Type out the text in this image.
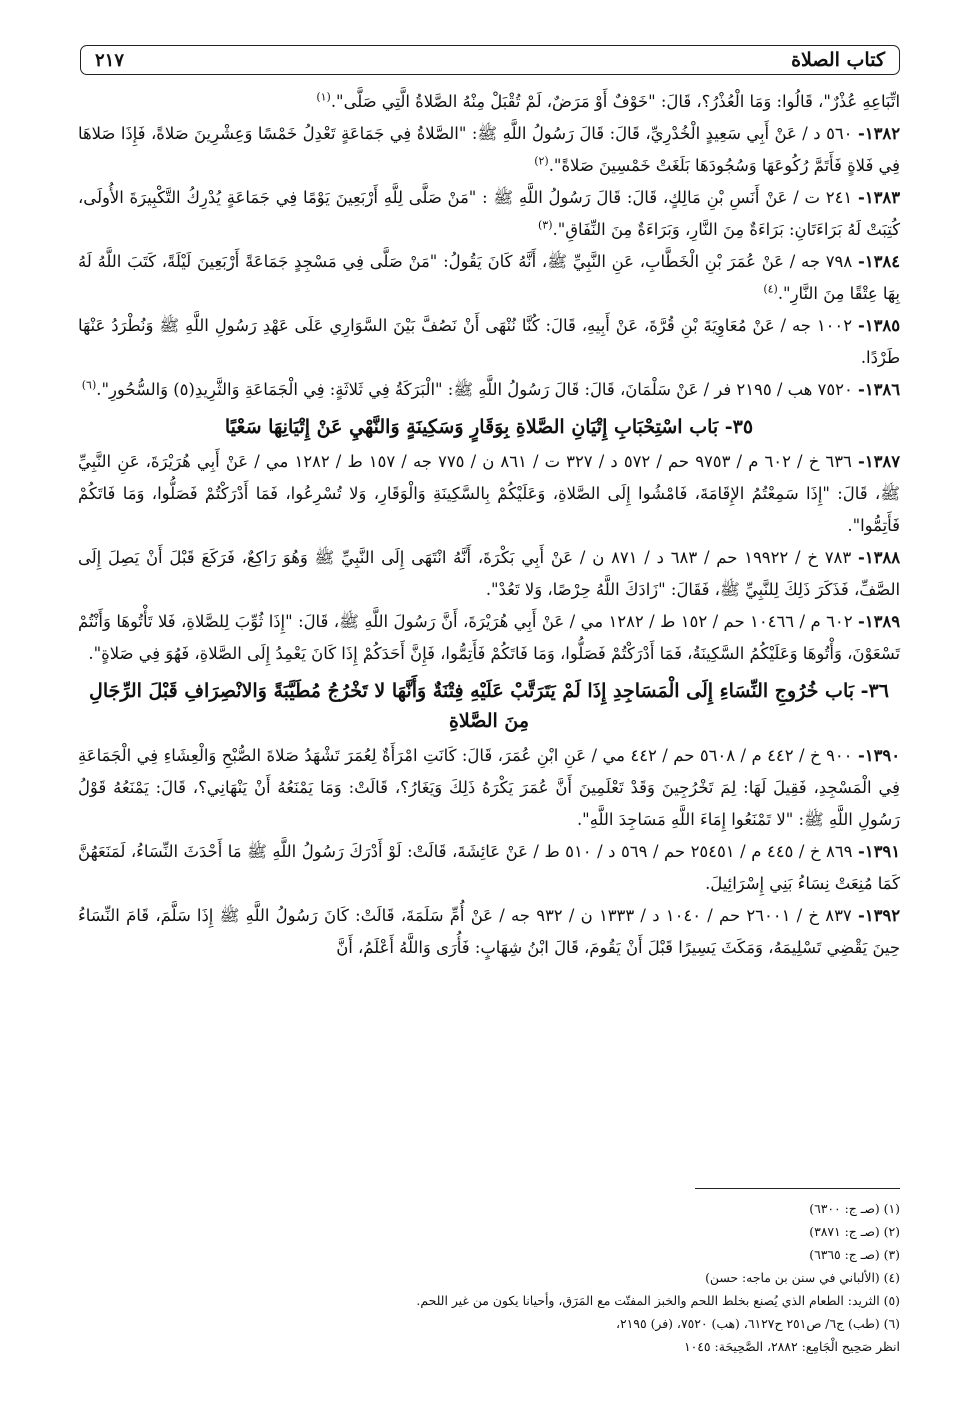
كتاب الصلاة
٢١٧

اتِّبَاعِهِ عُذْرٌ"، قَالُوا: وَمَا الْعُذْرُ؟، قَالَ: "خَوْفٌ أَوْ مَرَضٌ، لَمْ تُقْبَلْ مِنْهُ الصَّلاةُ الَّتِي صَلَّى".$^{(١)}$

١٣٨٢- ٥٦٠ د / عَنْ أَبِي سَعِيدٍ الْخُدْرِيِّ، قَالَ: قَالَ رَسُولُ اللَّهِ ﷺ: "الصَّلاةُ فِي جَمَاعَةٍ تَعْدِلُ خَمْسًا وَعِشْرِينَ صَلاةً، فَإِذَا صَلاهَا فِي فَلاةٍ فَأَتَمَّ رُكُوعَهَا وَسُجُودَهَا بَلَغَتْ خَمْسِينَ صَلاةً".$^{(٢)}$

١٣٨٣- ٢٤١ ت / عَنْ أَنَسِ بْنِ مَالِكٍ، قَالَ: قَالَ رَسُولُ اللَّهِ ﷺ : "مَنْ صَلَّى لِلَّهِ أَرْبَعِينَ يَوْمًا فِي جَمَاعَةٍ يُدْرِكُ التَّكْبِيرَةَ الأُولَى، كُتِبَتْ لَهُ بَرَاءَتَانِ: بَرَاءَةٌ مِنَ النَّارِ، وَبَرَاءَةٌ مِنَ النِّفَاقِ".$^{(٣)}$

١٣٨٤- ٧٩٨ جه / عَنْ عُمَرَ بْنِ الْخَطَّابِ، عَنِ النَّبِيِّ ﷺ، أَنَّهُ كَانَ يَقُولُ: "مَنْ صَلَّى فِي مَسْجِدٍ جَمَاعَةً أَرْبَعِينَ لَيْلَةً، كَتَبَ اللَّهُ لَهُ بِهَا عِتْقًا مِنَ النَّارِ".$^{(٤)}$

١٣٨٥- ١٠٠٢ جه / عَنْ مُعَاوِيَةَ بْنِ قُرَّةَ، عَنْ أَبِيهِ، قَالَ: كُنَّا نُنْهَى أَنْ نَصُفَّ بَيْنَ السَّوَارِي عَلَى عَهْدِ رَسُولِ اللَّهِ ﷺ وَنُطْرَدُ عَنْهَا طَرْدًا.

١٣٨٦- ٧٥٢٠ هب / ٢١٩٥ فر / عَنْ سَلْمَانَ، قَالَ: قَالَ رَسُولُ اللَّهِ ﷺ: "الْبَرَكَةُ فِي ثَلاثَةٍ: فِي الْجَمَاعَةِ وَالثَّرِيدِ(٥) وَالسُّحُورِ".$^{(٦)}$

٣٥- بَاب اسْتِحْبَابِ إِتْيَانِ الصَّلاةِ بِوَقَارٍ وَسَكِينَةٍ وَالنَّهْيِ عَنْ إِتْيَانِهَا سَعْيًا

١٣٨٧- ٦٣٦ خ / ٦٠٢ م / ٩٧٥٣ حم / ٥٧٢ د / ٣٢٧ ت / ٨٦١ ن / ٧٧٥ جه / ١٥٧ ط / ١٢٨٢ مي / عَنْ أَبِي هُرَيْرَةَ، عَنِ النَّبِيِّ ﷺ، قَالَ: "إِذَا سَمِعْتُمُ الإِقَامَةَ، فَامْشُوا إِلَى الصَّلاةِ، وَعَلَيْكُمْ بِالسَّكِينَةِ وَالْوَقَارِ، وَلا تُسْرِعُوا، فَمَا أَدْرَكْتُمْ فَصَلُّوا، وَمَا فَاتَكُمْ فَأَتِمُّوا".

١٣٨٨- ٧٨٣ خ / ١٩٩٢٢ حم / ٦٨٣ د / ٨٧١ ن / عَنْ أَبِي بَكْرَةَ، أَنَّهُ انْتَهَى إِلَى النَّبِيِّ ﷺ وَهُوَ رَاكِعٌ، فَرَكَعَ قَبْلَ أَنْ يَصِلَ إِلَى الصَّفِّ، فَذَكَرَ ذَلِكَ لِلنَّبِيِّ ﷺ، فَقَالَ: "زَادَكَ اللَّهُ حِرْصًا، وَلا تَعُدْ".

١٣٨٩- ٦٠٢ م / ١٠٤٦٦ حم / ١٥٢ ط / ١٢٨٢ مي / عَنْ أَبِي هُرَيْرَةَ، أَنَّ رَسُولَ اللَّهِ ﷺ، قَالَ: "إِذَا ثُوِّبَ لِلصَّلاةِ، فَلا تَأْتُوهَا وَأَنْتُمْ تَسْعَوْنَ، وَأْتُوهَا وَعَلَيْكُمُ السَّكِينَةُ، فَمَا أَدْرَكْتُمْ فَصَلُّوا، وَمَا فَاتَكُمْ فَأَتِمُّوا، فَإِنَّ أَحَدَكُمْ إِذَا كَانَ يَعْمِدُ إِلَى الصَّلاةِ، فَهُوَ فِي صَلاةٍ".

٣٦- بَاب خُرُوجِ النِّسَاءِ إِلَى الْمَسَاجِدِ إِذَا لَمْ يَتَرَتَّبْ عَلَيْهِ فِتْنَةٌ وَأَنَّهَا لا تَخْرُجُ مُطَيَّبَةً وَالانْصِرَافِ قَبْلَ الرِّجَالِ مِنَ الصَّلاةِ

١٣٩٠- ٩٠٠ خ / ٤٤٢ م / ٥٦٠٨ حم / ٤٤٢ مي / عَنِ ابْنِ عُمَرَ، قَالَ: كَانَتِ امْرَأَةٌ لِعُمَرَ تَشْهَدُ صَلاةَ الصُّبْحِ وَالْعِشَاءِ فِي الْجَمَاعَةِ فِي الْمَسْجِدِ، فَقِيلَ لَهَا: لِمَ تَخْرُجِينَ وَقَدْ تَعْلَمِينَ أَنَّ عُمَرَ يَكْرَهُ ذَلِكَ وَيَغَارُ؟، قَالَتْ: وَمَا يَمْنَعُهُ أَنْ يَنْهَانِي؟، قَالَ: يَمْنَعُهُ قَوْلُ رَسُولِ اللَّهِ ﷺ: "لا تَمْنَعُوا إِمَاءَ اللَّهِ مَسَاجِدَ اللَّهِ".

١٣٩١- ٨٦٩ خ / ٤٤٥ م / ٢٥٤٥١ حم / ٥٦٩ د / ٥١٠ ط / عَنْ عَائِشَةَ، قَالَتْ: لَوْ أَدْرَكَ رَسُولُ اللَّهِ ﷺ مَا أَحْدَثَ النِّسَاءُ، لَمَنَعَهُنَّ كَمَا مُنِعَتْ نِسَاءُ بَنِي إِسْرَائِيلَ.

١٣٩٢- ٨٣٧ خ / ٢٦٠٠١ حم / ١٠٤٠ د / ١٣٣٣ ن / ٩٣٢ جه / عَنْ أُمِّ سَلَمَةَ، قَالَتْ: كَانَ رَسُولُ اللَّهِ ﷺ إِذَا سَلَّمَ، قَامَ النِّسَاءُ حِينَ يَقْضِي تَسْلِيمَهُ، وَمَكَثَ يَسِيرًا قَبْلَ أَنْ يَقُومَ، قَالَ ابْنُ شِهَابٍ: فَأُرَى وَاللَّهُ أَعْلَمُ، أَنَّ

(١) (صـ ج: ٦٣٠٠)
(٢) (صـ ج: ٣٨٧١)
(٣) (صـ ج: ٦٣٦٥)
(٤) (الألباني في سنن بن ماجه: حسن)
(٥) الثريد: الطعام الذي يُصنع بخلط اللحم والخبز المفتّت مع المَرَق، وأحيانا يكون من غير اللحم.
(٦) (طب) ج٦/ ص٢٥١ ح٦١٢٧، (هب) ٧٥٢٠، (فر) ٢١٩٥،
انظر صَحِيح الْجَامِع: ٢٨٨٢، الصَّحِيحَة: ١٠٤٥
